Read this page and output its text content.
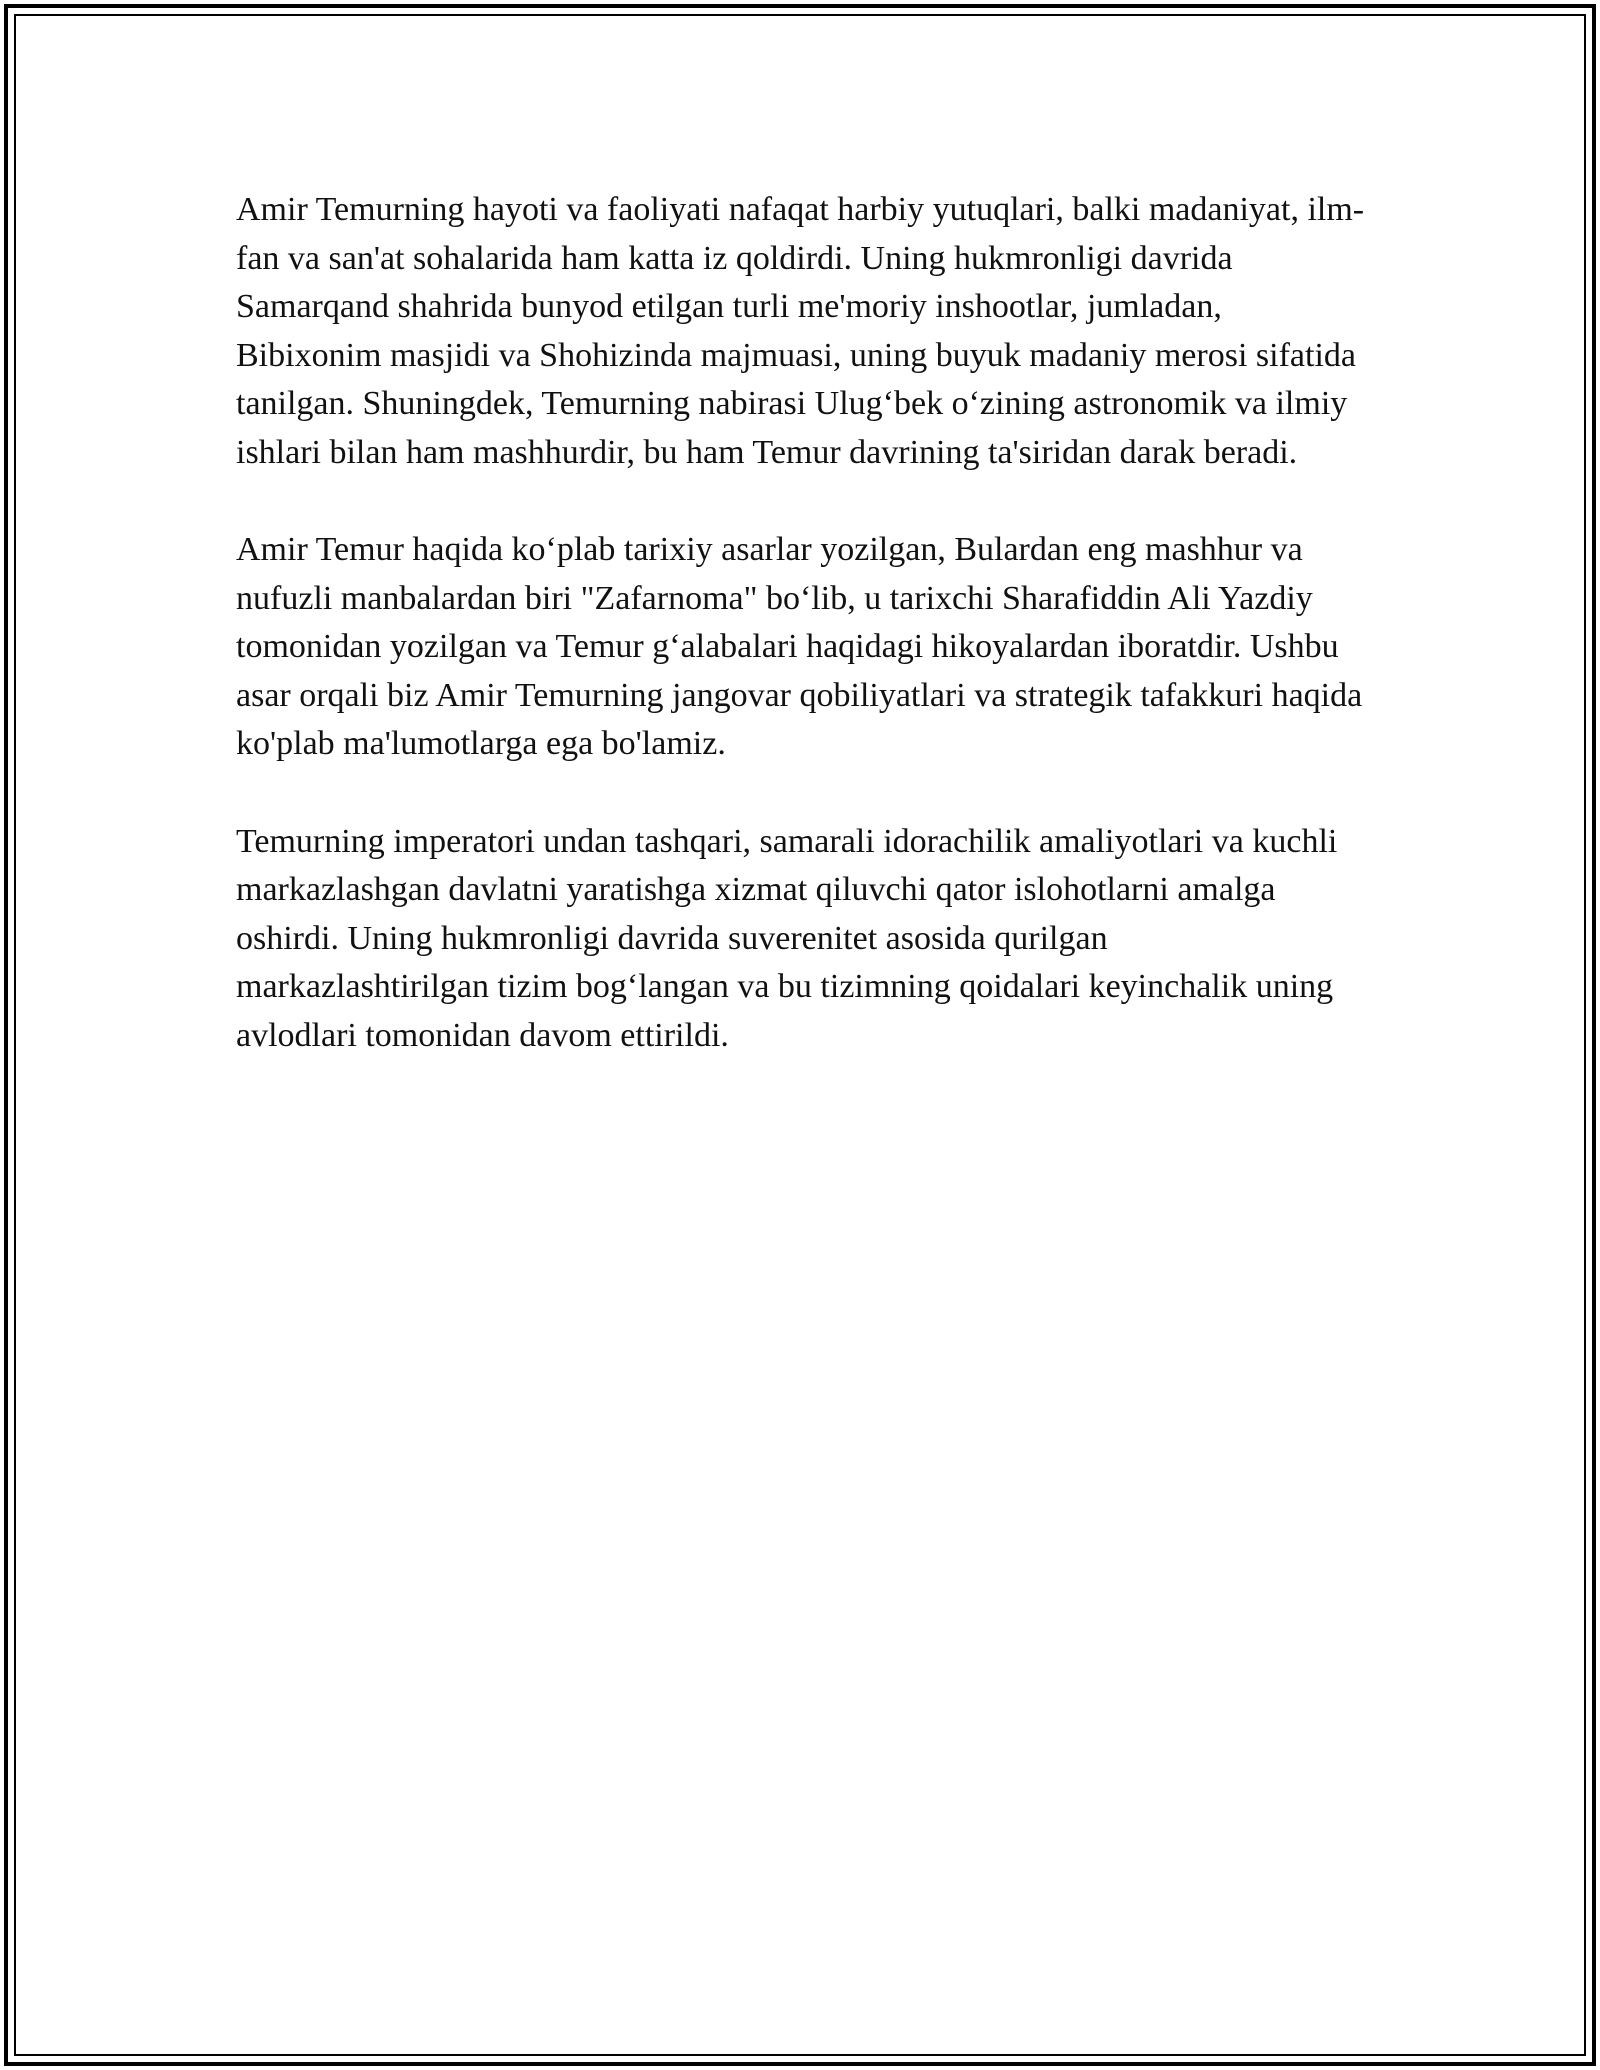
Amir Temurning hayoti va faoliyati nafaqat harbiy yutuqlari, balki madaniyat, ilm-fan va san'at sohalarida ham katta iz qoldirdi. Uning hukmronligi davrida Samarqand shahrida bunyod etilgan turli me'moriy inshootlar, jumladan, Bibixonim masjidi va Shohizinda majmuasi, uning buyuk madaniy merosi sifatida tanilgan. Shuningdek, Temurning nabirasi Ulug‘bek o‘zining astronomik va ilmiy ishlari bilan ham mashhurdir, bu ham Temur davrining ta'siridan darak beradi.

Amir Temur haqida ko‘plab tarixiy asarlar yozilgan, Bulardan eng mashhur va nufuzli manbalardan biri "Zafarnoma" bo‘lib, u tarixchi Sharafiddin Ali Yazdiy tomonidan yozilgan va Temur g‘alabalari haqidagi hikoyalardan iboratdir. Ushbu asar orqali biz Amir Temurning jangovar qobiliyatlari va strategik tafakkuri haqida ko'plab ma'lumotlarga ega bo'lamiz.

Temurning imperatori undan tashqari, samarali idorachilik amaliyotlari va kuchli markazlashgan davlatni yaratishga xizmat qiluvchi qator islohotlarni amalga oshirdi. Uning hukmronligi davrida suverenitet asosida qurilgan markazlashtirilgan tizim bog‘langan va bu tizimning qoidalari keyinchalik uning avlodlari tomonidan davom ettirildi.
